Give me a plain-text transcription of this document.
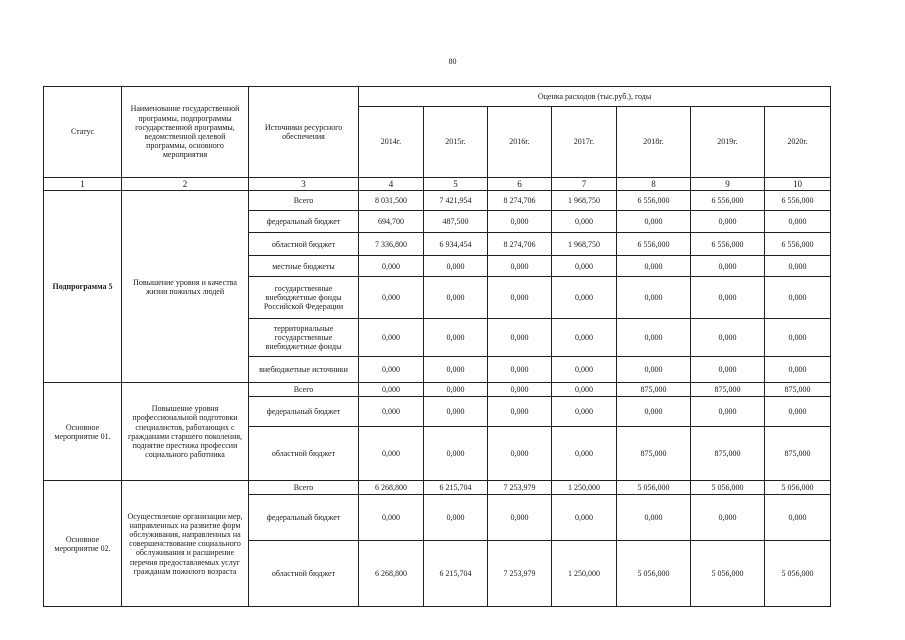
80
Статус	Наименование государственной программы, подпрограммы государственной программы, ведомственной целевой программы, основного мероприятия	Источники ресурсного обеспечения	Оценка расходов (тыс.руб.), годы						
			2014г.	2015г.	2016г.	2017г.	2018г.	2019г.	2020г.
1	2	3	4	5	6	7	8	9	10
Подпрограмма 5	Повышение уровня и качества жизни пожилых людей	Всего	8 031,500	7 421,954	8 274,706	1 968,750	6 556,000	6 556,000	6 556,000
		федеральный бюджет	694,700	487,500	0,000	0,000	0,000	0,000	0,000
		областной бюджет	7 336,800	6 934,454	8 274,706	1 968,750	6 556,000	6 556,000	6 556,000
		местные бюджеты	0,000	0,000	0,000	0,000	0,000	0,000	0,000
		государственные внебюджетные фонды Российской Федерации	0,000	0,000	0,000	0,000	0,000	0,000	0,000
		территориальные государственные внебюджетные фонды	0,000	0,000	0,000	0,000	0,000	0,000	0,000
		внебюджетные источники	0,000	0,000	0,000	0,000	0,000	0,000	0,000
Основное мероприятие 01.	Повышение уровня профессиональной подготовки специалистов, работающих с гражданами старшего поколения, поднятие престижа профессии социального работника	Всего	0,000	0,000	0,000	0,000	875,000	875,000	875,000
		федеральный бюджет	0,000	0,000	0,000	0,000	0,000	0,000	0,000
		областной бюджет	0,000	0,000	0,000	0,000	875,000	875,000	875,000
Основное мероприятие 02.	Осуществление организации мер, направленных на развитие форм обслуживания, направленных на совершенствование социального обслуживания и расширение перечня предоставляемых услуг гражданам пожилого возраста	Всего	6 268,800	6 215,704	7 253,979	1 250,000	5 056,000	5 056,000	5 056,000
		федеральный бюджет	0,000	0,000	0,000	0,000	0,000	0,000	0,000
		областной бюджет	6 268,800	6 215,704	7 253,979	1 250,000	5 056,000	5 056,000	5 056,000
